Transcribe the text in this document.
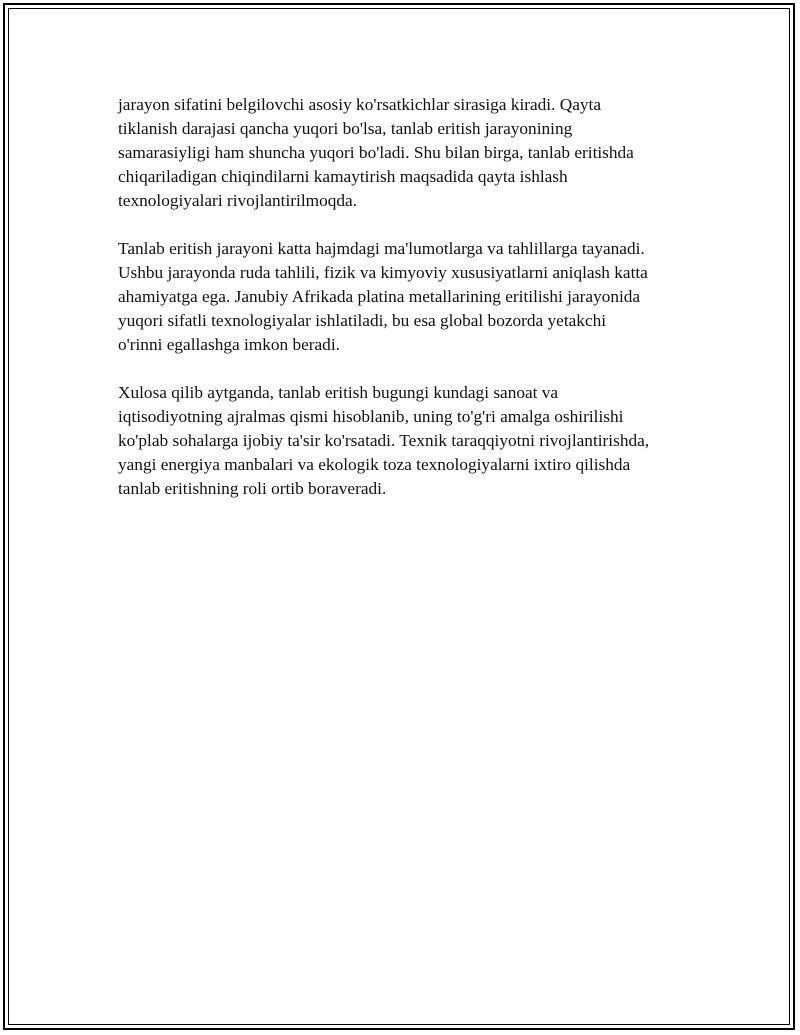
jarayon sifatini belgilovchi asosiy ko'rsatkichlar sirasiga kiradi. Qayta
tiklanish darajasi qancha yuqori bo'lsa, tanlab eritish jarayonining
samarasiyligi ham shuncha yuqori bo'ladi. Shu bilan birga, tanlab eritishda
chiqariladigan chiqindilarni kamaytirish maqsadida qayta ishlash
texnologiyalari rivojlantirilmoqda.

Tanlab eritish jarayoni katta hajmdagi ma'lumotlarga va tahlillarga tayanadi.
Ushbu jarayonda ruda tahlili, fizik va kimyoviy xususiyatlarni aniqlash katta
ahamiyatga ega. Janubiy Afrikada platina metallarining eritilishi jarayonida
yuqori sifatli texnologiyalar ishlatiladi, bu esa global bozorda yetakchi
o'rinni egallashga imkon beradi.

Xulosa qilib aytganda, tanlab eritish bugungi kundagi sanoat va
iqtisodiyotning ajralmas qismi hisoblanib, uning to'g'ri amalga oshirilishi
ko'plab sohalarga ijobiy ta'sir ko'rsatadi. Texnik taraqqiyotni rivojlantirishda,
yangi energiya manbalari va ekologik toza texnologiyalarni ixtiro qilishda
tanlab eritishning roli ortib boraveradi.
